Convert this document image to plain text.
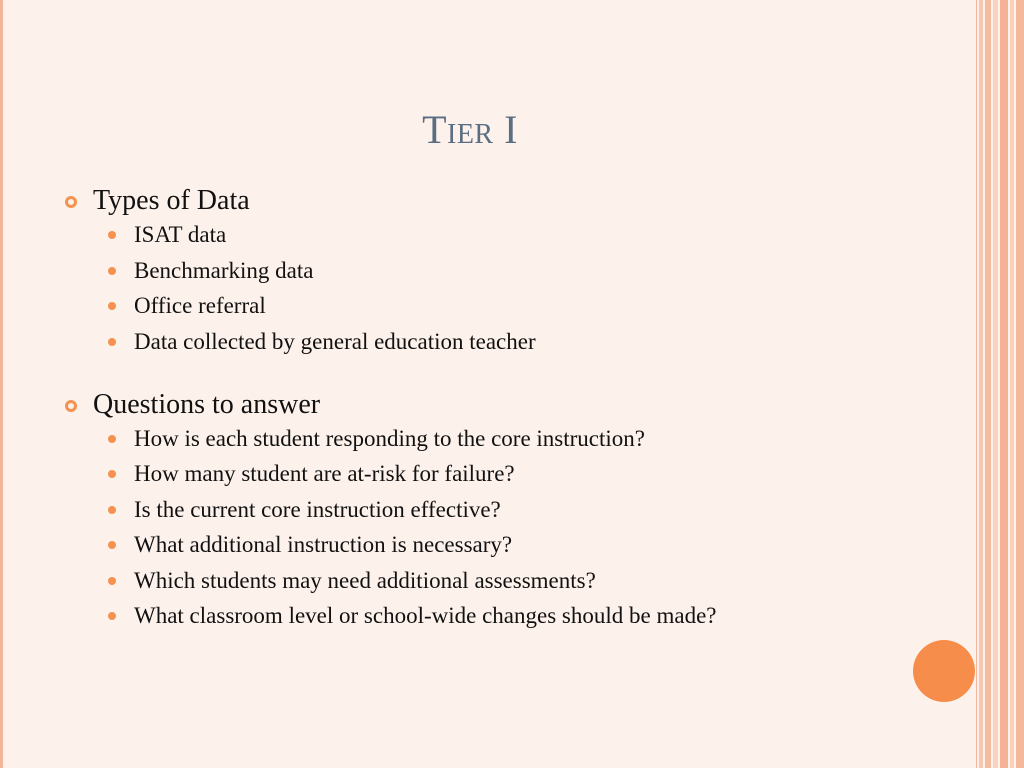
Tier I
Types of Data
ISAT data
Benchmarking data
Office referral
Data collected by general education teacher
Questions to answer
How is each student responding to the core instruction?
How many student are at-risk for failure?
Is the current core instruction effective?
What additional instruction is necessary?
Which students may need additional assessments?
What classroom level or school-wide changes should be made?
